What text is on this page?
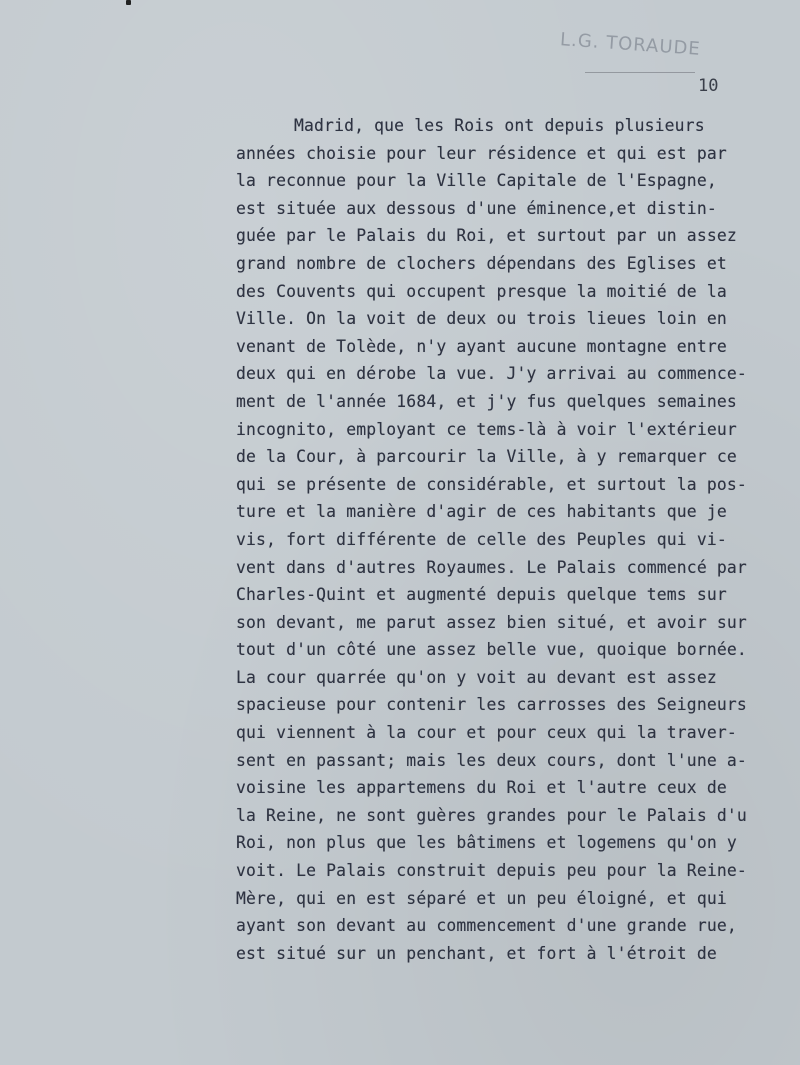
L.G. TORAUDE
10
Madrid, que les Rois ont depuis plusieurs
années choisie pour leur résidence et qui est par
la reconnue pour la Ville Capitale de l'Espagne,
est située aux dessous d'une éminence,et distin-
guée par le Palais du Roi, et surtout par un assez
grand nombre de clochers dépendans des Eglises et
des Couvents qui occupent presque la moitié de la
Ville. On la voit de deux ou trois lieues loin en
venant de Tolède, n'y ayant aucune montagne entre
deux qui en dérobe la vue. J'y arrivai au commence-
ment de l'année 1684, et j'y fus quelques semaines
incognito, employant ce tems-là à voir l'extérieur
de la Cour, à parcourir la Ville, à y remarquer ce
qui se présente de considérable, et surtout la pos-
ture et la manière d'agir de ces habitants que je
vis, fort différente de celle des Peuples qui vi-
vent dans d'autres Royaumes. Le Palais commencé par
Charles-Quint et augmenté depuis quelque tems sur
son devant, me parut assez bien situé, et avoir sur
tout d'un côté une assez belle vue, quoique bornée.
La cour quarrée qu'on y voit au devant est assez
spacieuse pour contenir les carrosses des Seigneurs
qui viennent à la cour et pour ceux qui la traver-
sent en passant; mais les deux cours, dont l'une a-
voisine les appartemens du Roi et l'autre ceux de
la Reine, ne sont guères grandes pour le Palais d'u
Roi, non plus que les bâtimens et logemens qu'on y
voit. Le Palais construit depuis peu pour la Reine-
Mère, qui en est séparé et un peu éloigné, et qui
ayant son devant au commencement d'une grande rue,
est situé sur un penchant, et fort à l'étroit de
